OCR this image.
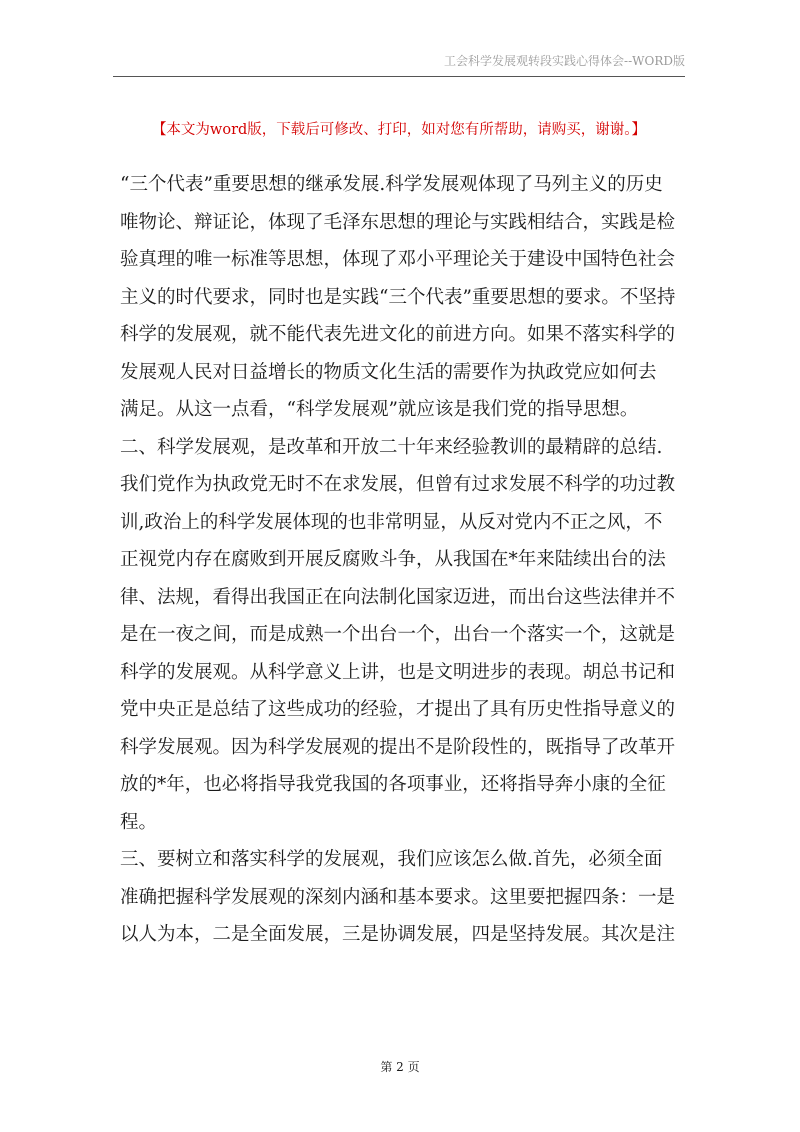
工会科学发展观转段实践心得体会--WORD版
【本文为word版，下载后可修改、打印，如对您有所帮助，请购买，谢谢。】
“三个代表”重要思想的继承发展.科学发展观体现了马列主义的历史
唯物论、辩证论，体现了毛泽东思想的理论与实践相结合，实践是检
验真理的唯一标准等思想，体现了邓小平理论关于建设中国特色社会
主义的时代要求，同时也是实践“三个代表”重要思想的要求。不坚持
科学的发展观，就不能代表先进文化的前进方向。如果不落实科学的
发展观人民对日益增长的物质文化生活的需要作为执政党应如何去
满足。从这一点看，“科学发展观”就应该是我们党的指导思想。
二、科学发展观，是改革和开放二十年来经验教训的最精辟的总结.
我们党作为执政党无时不在求发展，但曾有过求发展不科学的功过教
训,政治上的科学发展体现的也非常明显，从反对党内不正之风，不
正视党内存在腐败到开展反腐败斗争，从我国在*年来陆续出台的法
律、法规，看得出我国正在向法制化国家迈进，而出台这些法律并不
是在一夜之间，而是成熟一个出台一个，出台一个落实一个，这就是
科学的发展观。从科学意义上讲，也是文明进步的表现。胡总书记和
党中央正是总结了这些成功的经验，才提出了具有历史性指导意义的
科学发展观。因为科学发展观的提出不是阶段性的，既指导了改革开
放的*年，也必将指导我党我国的各项事业，还将指导奔小康的全征
程。
三、要树立和落实科学的发展观，我们应该怎么做.首先，必须全面
准确把握科学发展观的深刻内涵和基本要求。这里要把握四条：一是
以人为本，二是全面发展，三是协调发展，四是坚持发展。其次是注
第 2 页
